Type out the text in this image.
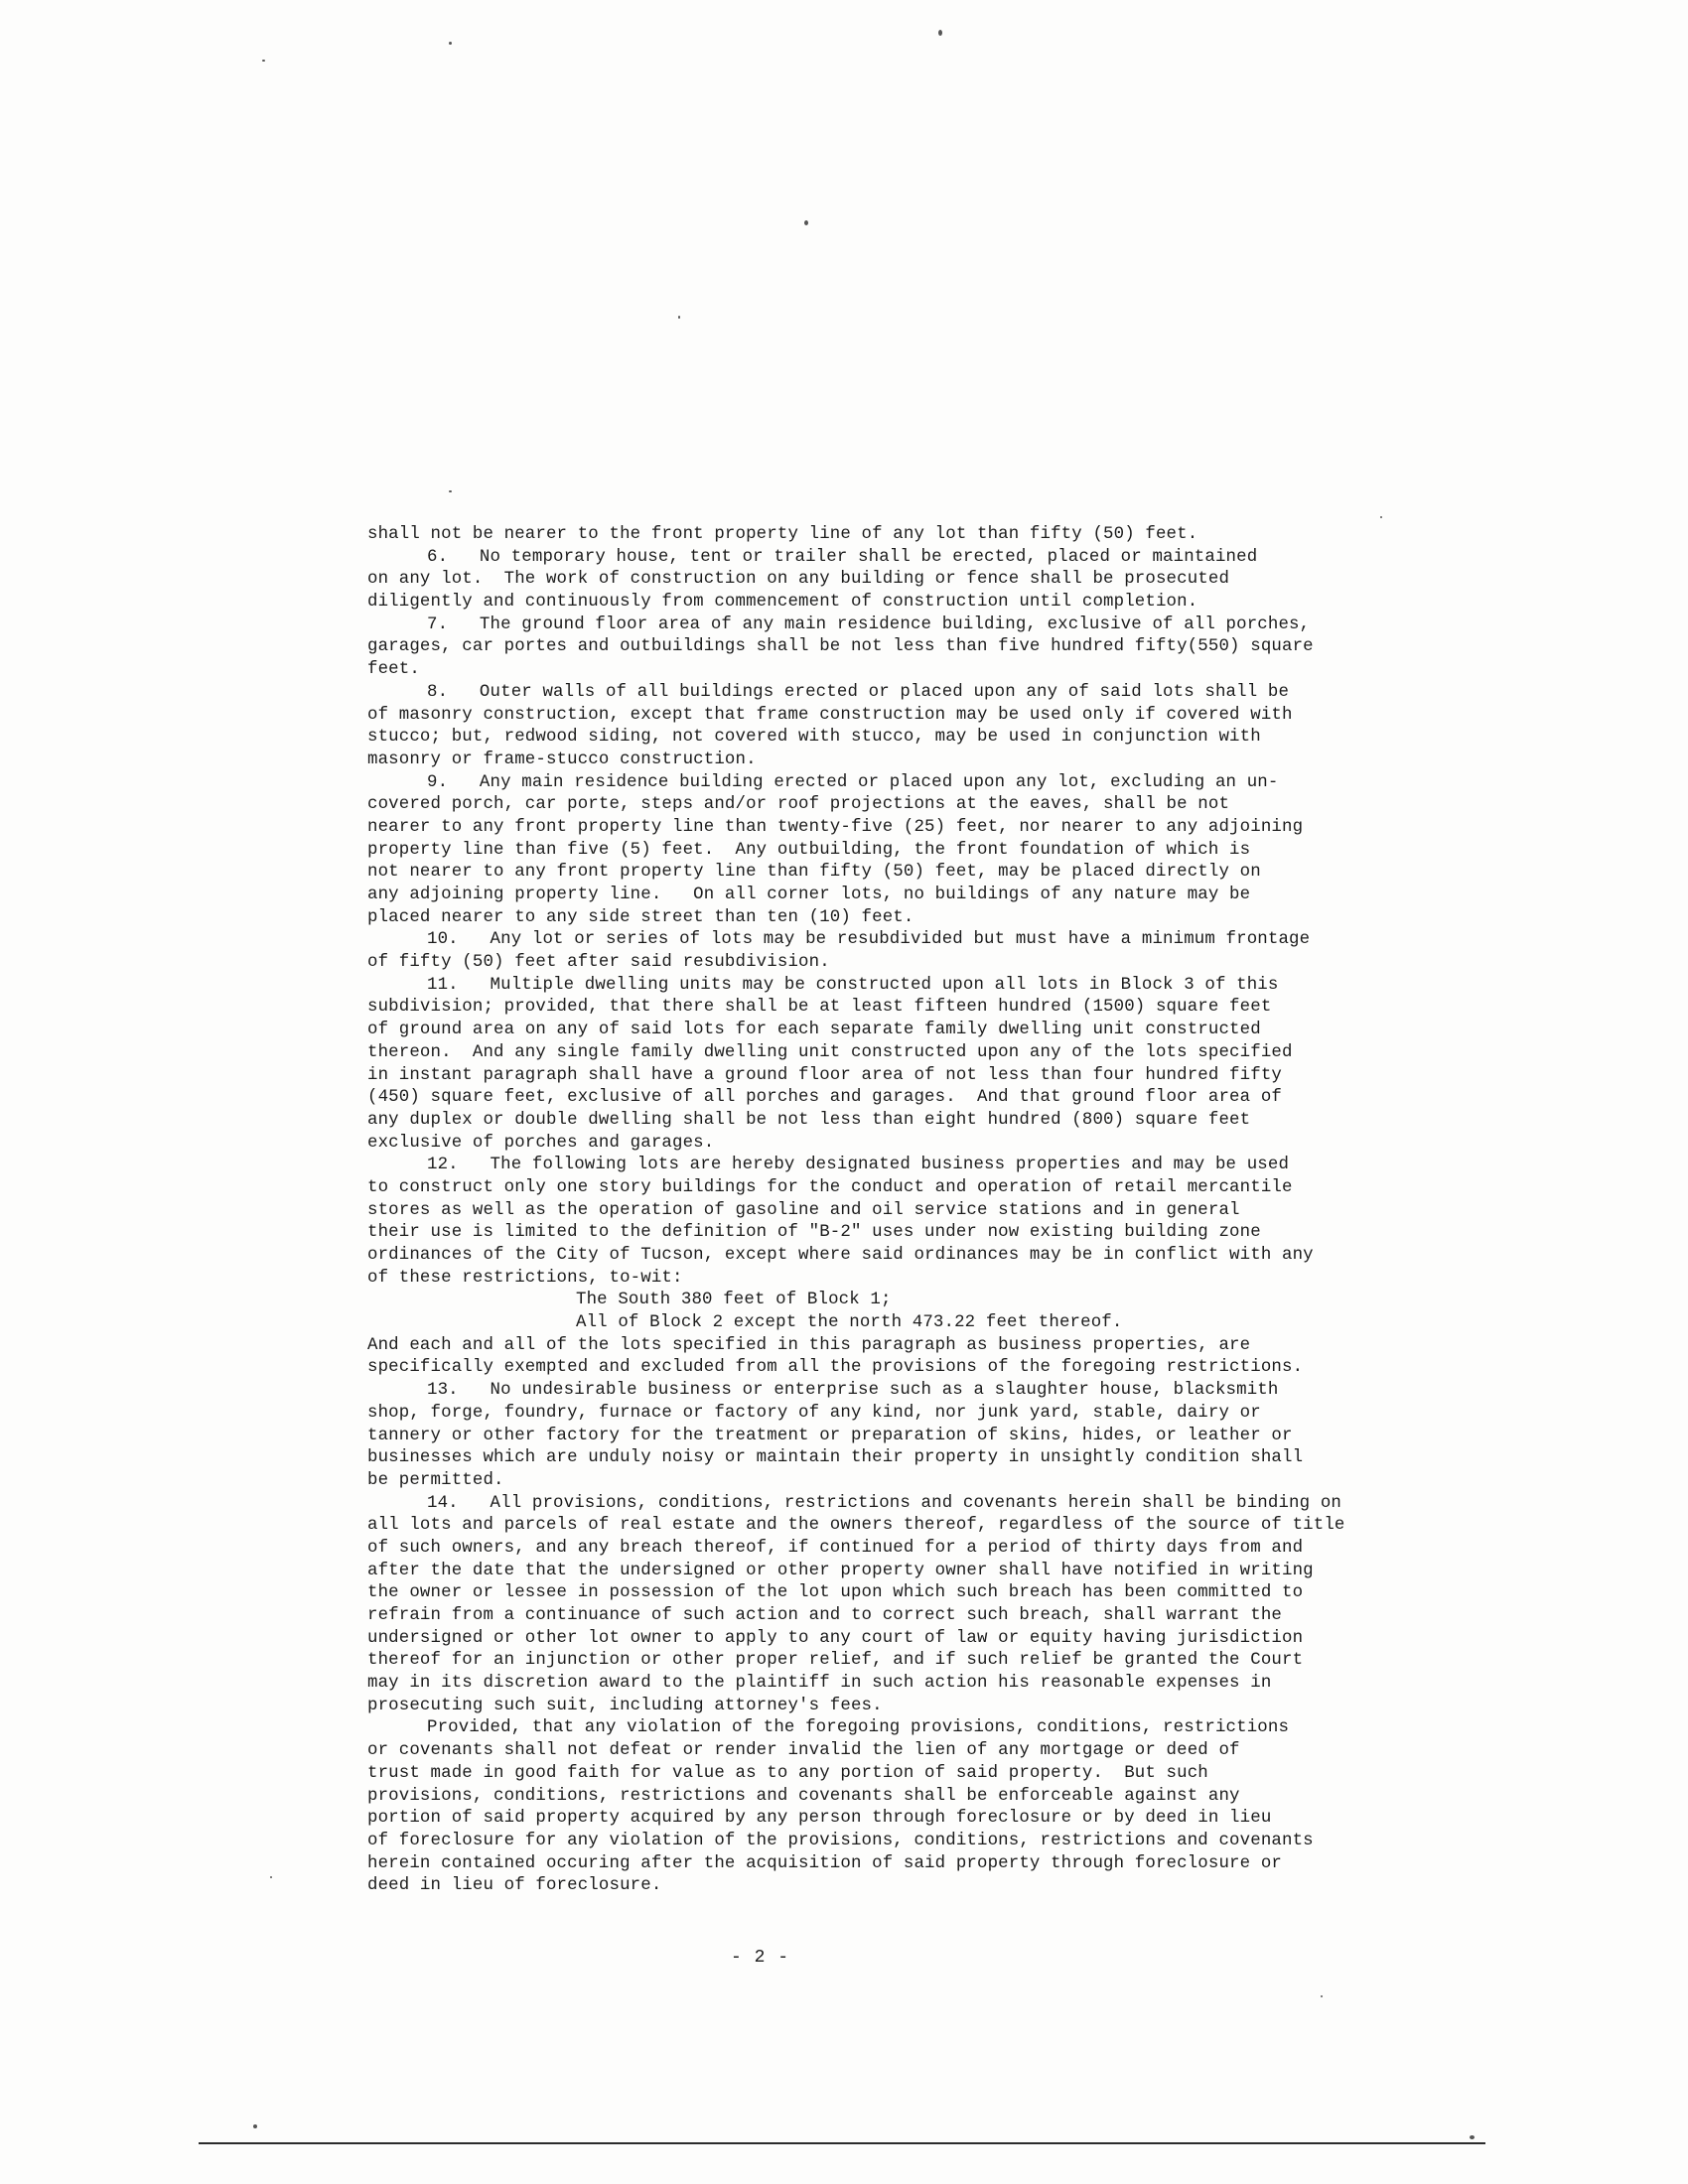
shall not be nearer to the front property line of any lot than fifty (50) feet.
6.   No temporary house, tent or trailer shall be erected, placed or maintained
on any lot.  The work of construction on any building or fence shall be prosecuted
diligently and continuously from commencement of construction until completion.
7.   The ground floor area of any main residence building, exclusive of all porches,
garages, car portes and outbuildings shall be not less than five hundred fifty(550) square
feet.
8.   Outer walls of all buildings erected or placed upon any of said lots shall be
of masonry construction, except that frame construction may be used only if covered with
stucco; but, redwood siding, not covered with stucco, may be used in conjunction with
masonry or frame-stucco construction.
9.   Any main residence building erected or placed upon any lot, excluding an un-
covered porch, car porte, steps and/or roof projections at the eaves, shall be not
nearer to any front property line than twenty-five (25) feet, nor nearer to any adjoining
property line than five (5) feet.  Any outbuilding, the front foundation of which is
not nearer to any front property line than fifty (50) feet, may be placed directly on
any adjoining property line.   On all corner lots, no buildings of any nature may be
placed nearer to any side street than ten (10) feet.
10.   Any lot or series of lots may be resubdivided but must have a minimum frontage
of fifty (50) feet after said resubdivision.
11.   Multiple dwelling units may be constructed upon all lots in Block 3 of this
subdivision; provided, that there shall be at least fifteen hundred (1500) square feet
of ground area on any of said lots for each separate family dwelling unit constructed
thereon.  And any single family dwelling unit constructed upon any of the lots specified
in instant paragraph shall have a ground floor area of not less than four hundred fifty
(450) square feet, exclusive of all porches and garages.  And that ground floor area of
any duplex or double dwelling shall be not less than eight hundred (800) square feet
exclusive of porches and garages.
12.   The following lots are hereby designated business properties and may be used
to construct only one story buildings for the conduct and operation of retail mercantile
stores as well as the operation of gasoline and oil service stations and in general
their use is limited to the definition of "B-2" uses under now existing building zone
ordinances of the City of Tucson, except where said ordinances may be in conflict with any
of these restrictions, to-wit:
The South 380 feet of Block 1;
All of Block 2 except the north 473.22 feet thereof.
And each and all of the lots specified in this paragraph as business properties, are
specifically exempted and excluded from all the provisions of the foregoing restrictions.
13.   No undesirable business or enterprise such as a slaughter house, blacksmith
shop, forge, foundry, furnace or factory of any kind, nor junk yard, stable, dairy or
tannery or other factory for the treatment or preparation of skins, hides, or leather or
businesses which are unduly noisy or maintain their property in unsightly condition shall
be permitted.
14.   All provisions, conditions, restrictions and covenants herein shall be binding on
all lots and parcels of real estate and the owners thereof, regardless of the source of title
of such owners, and any breach thereof, if continued for a period of thirty days from and
after the date that the undersigned or other property owner shall have notified in writing
the owner or lessee in possession of the lot upon which such breach has been committed to
refrain from a continuance of such action and to correct such breach, shall warrant the
undersigned or other lot owner to apply to any court of law or equity having jurisdiction
thereof for an injunction or other proper relief, and if such relief be granted the Court
may in its discretion award to the plaintiff in such action his reasonable expenses in
prosecuting such suit, including attorney's fees.
Provided, that any violation of the foregoing provisions, conditions, restrictions
or covenants shall not defeat or render invalid the lien of any mortgage or deed of
trust made in good faith for value as to any portion of said property.  But such
provisions, conditions, restrictions and covenants shall be enforceable against any
portion of said property acquired by any person through foreclosure or by deed in lieu
of foreclosure for any violation of the provisions, conditions, restrictions and covenants
herein contained occuring after the acquisition of said property through foreclosure or
deed in lieu of foreclosure.
- 2 -
